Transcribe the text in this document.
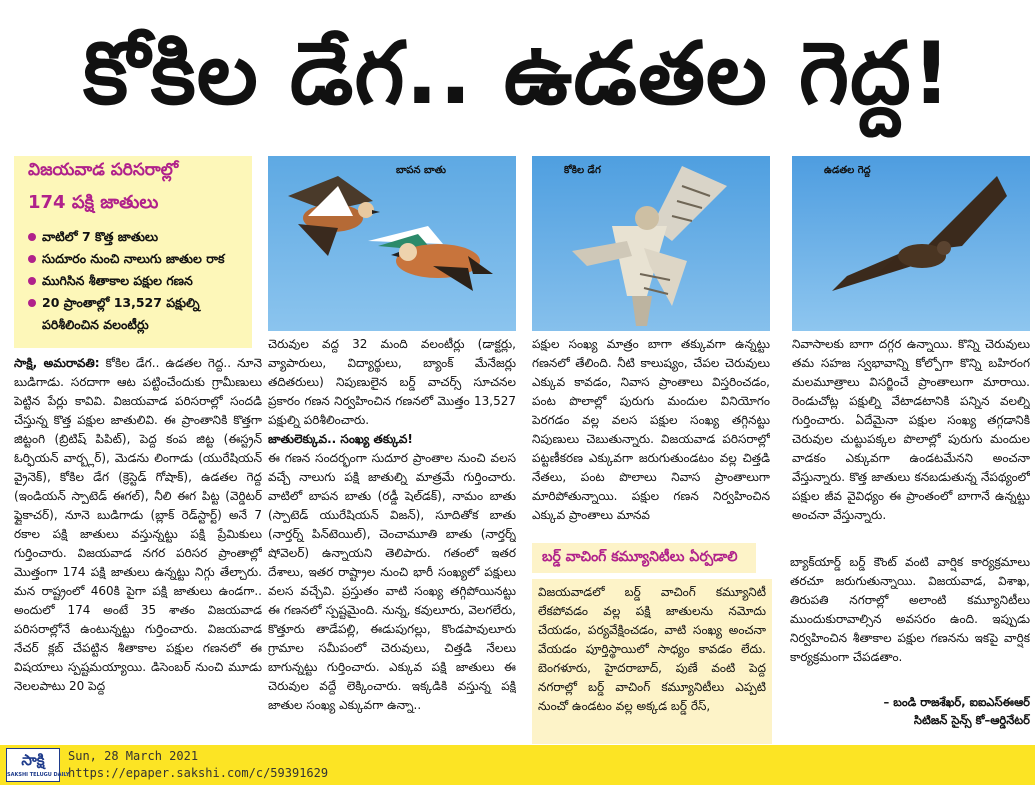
కోకిల డేగ.. ఉడతల గెద్ద!
విజయవాడ పరిసరాల్లో
174 పక్షి జాతులు
వాటిలో 7 కొత్త జాతులు
సుదూరం నుంచి నాలుగు జాతుల రాక
ముగిసిన శీతాకాల పక్షుల గణన
20 ప్రాంతాల్లో 13,527 పక్షుల్ని పరిశీలించిన వలంటీర్లు
బాపన బాతు	కోకిల డేగ	ఉడతల గెద్ద
సాక్షి, అమరావతి: కోకిల డేగ.. ఉడతల గెద్ద.. నూనె బుడిగాడు. సరదాగా ఆట పట్టించేందుకు గ్రామీణులు పెట్టిన పేర్లు కావివి. విజయవాడ పరిసరాల్లో సందడి చేస్తున్న కొత్త పక్షుల జాతులివి. ఈ ప్రాంతానికి కొత్తగా జిట్టంగి (బ్రిటిష్ పిపిట్), పెద్ద కంప జిట్ట (ఈస్ట్రన్ ఓర్ఫియన్ వార్బ్లర్), మెడను లింగాడు (యురేషియన్ వ్రైనెక్), కోకిల డేగ (క్రెస్టెడ్ గోషాక్), ఉడతల గెద్ద (ఇండియన్ స్పాటెడ్ ఈగల్), నీలి ఈగ పిట్ట (వెర్డిటర్ ఫ్లైకాచర్), నూనె బుడిగాడు (బ్లాక్ రెడ్‌స్టార్ట్) అనే 7 రకాల పక్షి జాతులు వస్తున్నట్టు పక్షి ప్రేమికులు గుర్తించారు. విజయవాడ నగర పరిసర ప్రాంతాల్లో మొత్తంగా 174 పక్షి జాతులు ఉన్నట్టు నిగ్గు తేల్చారు. మన రాష్ట్రంలో 460కి పైగా పక్షి జాతులు ఉండగా.. అందులో 174 అంటే 35 శాతం విజయవాడ పరిసరాల్లోనే ఉంటున్నట్టు గుర్తించారు. విజయవాడ నేచర్ క్లబ్ చేపట్టిన శీతాకాల పక్షుల గణనలో ఈ విషయాలు స్పష్టమయ్యాయి. డిసెంబర్ నుంచి మూడు నెలలపాటు 20 పెద్ద
చెరువుల వద్ద 32 మంది వలంటీర్లు (డాక్టర్లు, వ్యాపారులు, విద్యార్థులు, బ్యాంక్ మేనేజర్లు తదితరులు) నిపుణులైన బర్డ్ వాచర్స్ సూచనల ప్రకారం గణన నిర్వహించిన గణనలో మొత్తం 13,527 పక్షుల్ని పరిశీలించారు.
జాతులెక్కువ.. సంఖ్య తక్కువ!
ఈ గణన సందర్భంగా సుదూర ప్రాంతాల నుంచి వలస వచ్చే నాలుగు పక్షి జాతుల్ని మాత్రమే గుర్తించారు. వాటిలో బాపన బాతు (రడ్డీ షెల్‌డక్), నామం బాతు (స్పాటెడ్ యురేషియన్ విజన్), సూదితోక బాతు (నార్తర్న్ పిన్‌టెయిల్), చెంచామూతి బాతు (నార్తర్న్ షోవెలర్) ఉన్నాయని తెలిపారు. గతంలో ఇతర దేశాలు, ఇతర రాష్ట్రాల నుంచి భారీ సంఖ్యలో పక్షులు వలస వచ్చేవి. ప్రస్తుతం వాటి సంఖ్య తగ్గిపోయినట్టు ఈ గణనలో స్పష్టమైంది. నున్న, కవులూరు, వెలగలేరు, కొత్తూరు తాడేపల్లి, ఈడుపుగల్లు, కొండపావులూరు గ్రామాల సమీపంలో చెరువులు, చిత్తడి నేలలు బాగున్నట్టు గుర్తించారు. ఎక్కువ పక్షి జాతులు ఈ చెరువుల వద్దే లెక్కించారు. ఇక్కడికి వస్తున్న పక్షి జాతుల సంఖ్య ఎక్కువగా ఉన్నా..
పక్షుల సంఖ్య మాత్రం బాగా తక్కువగా ఉన్నట్టు గణనలో తేలింది. నీటి కాలుష్యం, చేపల చెరువులు ఎక్కువ కావడం, నివాస ప్రాంతాలు విస్తరించడం, పంట పొలాల్లో పురుగు మందుల వినియోగం పెరగడం వల్ల వలస పక్షుల సంఖ్య తగ్గినట్టు నిపుణులు చెబుతున్నారు. విజయవాడ పరిసరాల్లో పట్టణీకరణ ఎక్కువగా జరుగుతుండటం వల్ల చిత్తడి నేతలు, పంట పొలాలు నివాస ప్రాంతాలుగా మారిపోతున్నాయి. పక్షుల గణన నిర్వహించిన ఎక్కువ ప్రాంతాలు మానవ
నివాసాలకు బాగా దగ్గర ఉన్నాయి. కొన్ని చెరువులు తమ సహజ స్వభావాన్ని కోల్పోగా కొన్ని బహిరంగ మలమూత్రాలు విసర్జించే ప్రాంతాలుగా మారాయి. రెండుచోట్ల పక్షుల్ని వేటాడటానికి పన్నిన వలల్ని గుర్తించారు. ఏదేమైనా పక్షుల సంఖ్య తగ్గడానికి చెరువుల చుట్టుపక్కల పొలాల్లో పురుగు మందుల వాడకం ఎక్కువగా ఉండటమేనని అంచనా వేస్తున్నారు. కొత్త జాతులు కనబడుతున్న నేపథ్యంలో పక్షుల జీవ వైవిధ్యం ఈ ప్రాంతంలో బాగానే ఉన్నట్టు అంచనా వేస్తున్నారు.
బర్డ్ వాచింగ్ కమ్యూనిటీలు ఏర్పడాలి
విజయవాడలో బర్డ్ వాచింగ్ కమ్యూనిటీ లేకపోవడం వల్ల పక్షి జాతులను నమోదు చేయడం, పర్యవేక్షించడం, వాటి సంఖ్య అంచనా వేయడం పూర్తిస్థాయిలో సాధ్యం కావడం లేదు. బెంగళూరు, హైదరాబాద్, పుణే వంటి పెద్ద నగరాల్లో బర్డ్ వాచింగ్ కమ్యూనిటీలు ఎప్పటి నుంచో ఉండటం వల్ల అక్కడ బర్డ్ రేస్,
బ్యాక్‌యార్డ్ బర్డ్ కౌంట్ వంటి వార్షిక కార్యక్రమాలు తరచూ జరుగుతున్నాయి. విజయవాడ, విశాఖ, తిరుపతి నగరాల్లో అలాంటి కమ్యూనిటీలు ముందుకురావాల్సిన అవసరం ఉంది. ఇప్పుడు నిర్వహించిన శీతాకాల పక్షుల గణనను ఇకపై వార్షిక కార్యక్రమంగా చేపడతాం.
– బండి రాజశేఖర్, ఐఐఎస్‌ఈఆర్
సిటిజన్ సైన్స్ కో–ఆర్డినేటర్
సాక్షి
SAKSHI TELUGU DAILY
Sun, 28 March 2021
https://epaper.sakshi.com/c/59391629
